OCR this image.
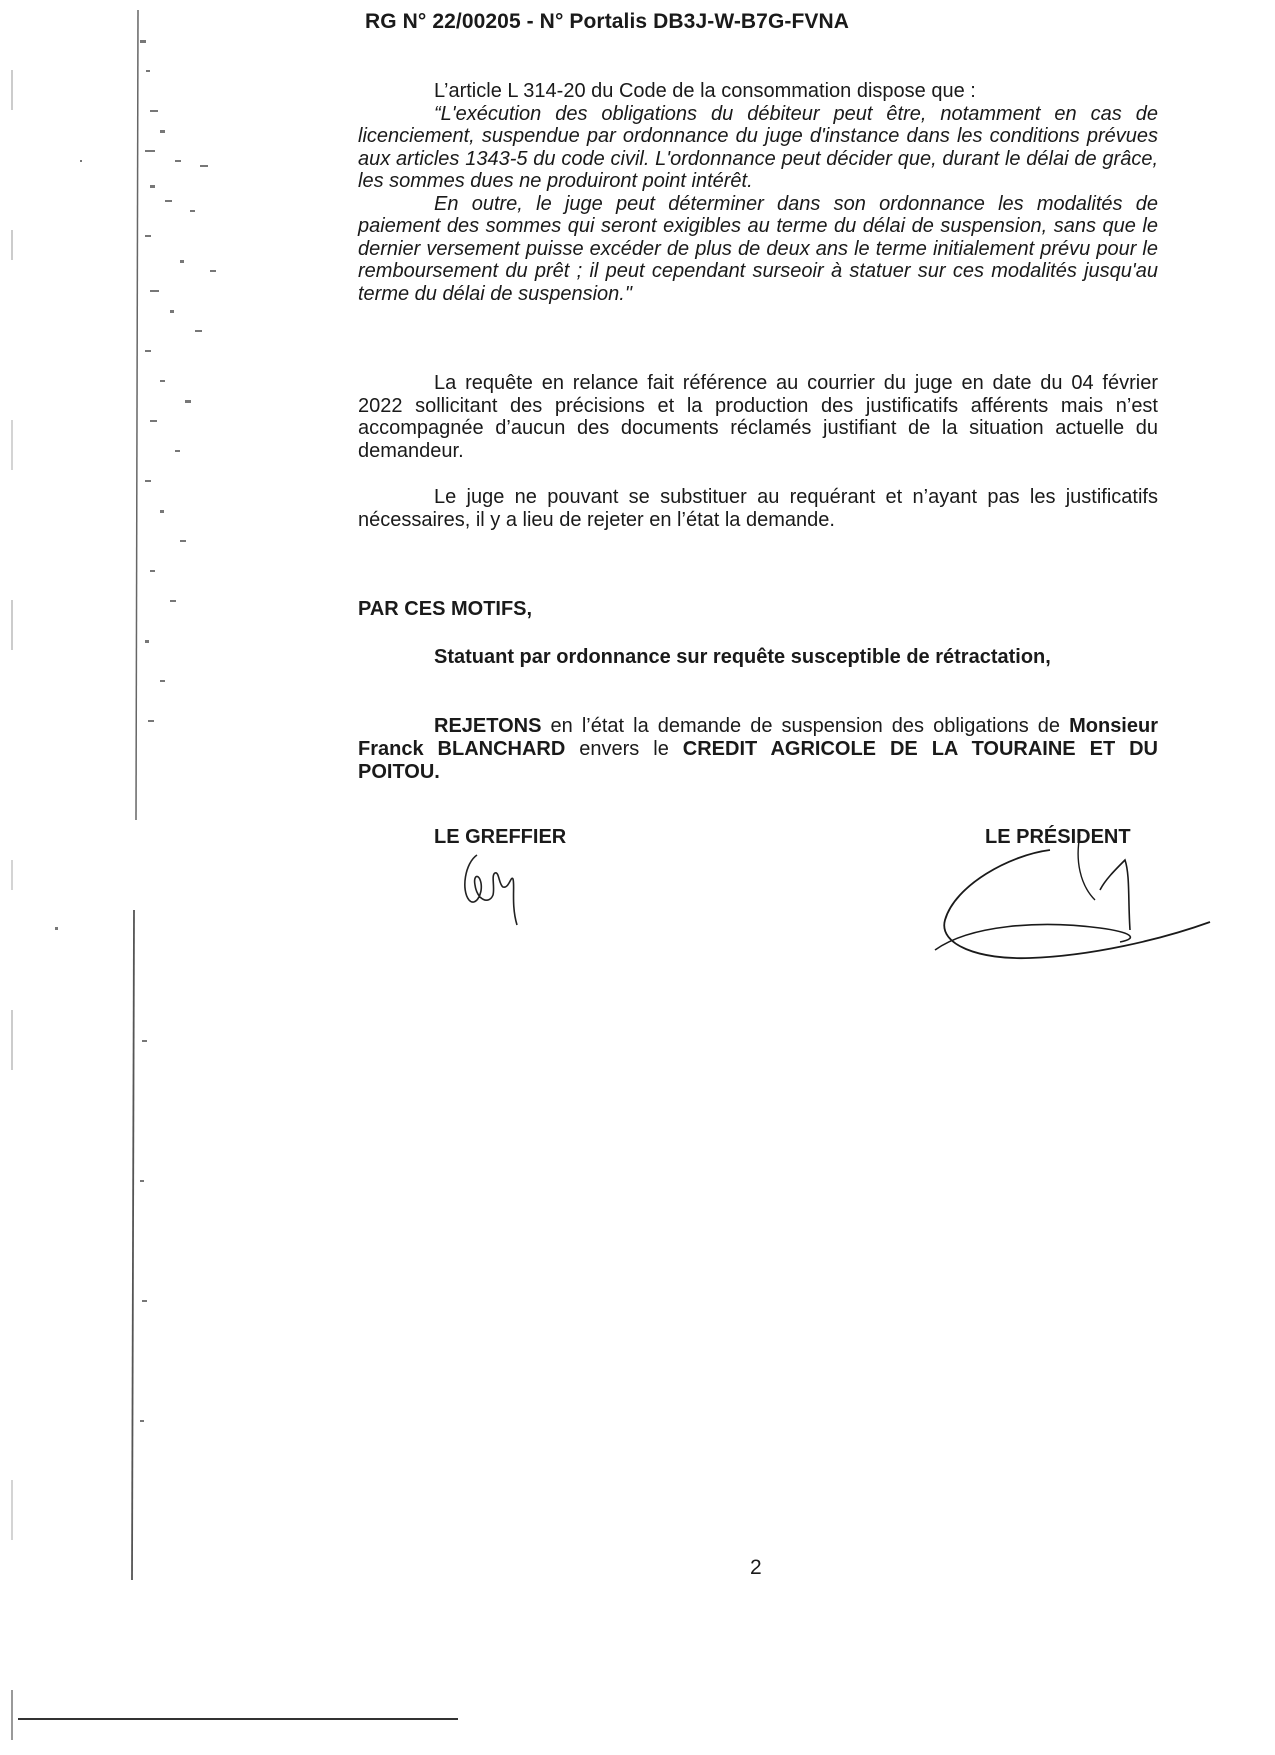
RG N° 22/00205 - N° Portalis DB3J-W-B7G-FVNA

L’article L 314-20 du Code de la consommation dispose que :

“L'exécution des obligations du débiteur peut être, notamment en cas de licenciement, suspendue par ordonnance du juge d'instance dans les conditions prévues aux articles 1343-5 du code civil. L'ordonnance peut décider que, durant le délai de grâce, les sommes dues ne produiront point intérêt.

En outre, le juge peut déterminer dans son ordonnance les modalités de paiement des sommes qui seront exigibles au terme du délai de suspension, sans que le dernier versement puisse excéder de plus de deux ans le terme initialement prévu pour le remboursement du prêt ; il peut cependant surseoir à statuer sur ces modalités jusqu'au terme du délai de suspension."

La requête en relance fait référence au courrier du juge en date du 04 février 2022 sollicitant des précisions et la production des justificatifs afférents mais n’est accompagnée d’aucun des documents réclamés justifiant de la situation actuelle du demandeur.

Le juge ne pouvant se substituer au requérant et n’ayant pas les justificatifs nécessaires, il y a lieu de rejeter en l’état la demande.

PAR CES MOTIFS,
Statuant par ordonnance sur requête susceptible de rétractation,

REJETONS en l’état la demande de suspension des obligations de Monsieur Franck BLANCHARD envers le CREDIT AGRICOLE DE LA TOURAINE ET DU POITOU.

LE GREFFIER	LE PRÉSIDENT
2
